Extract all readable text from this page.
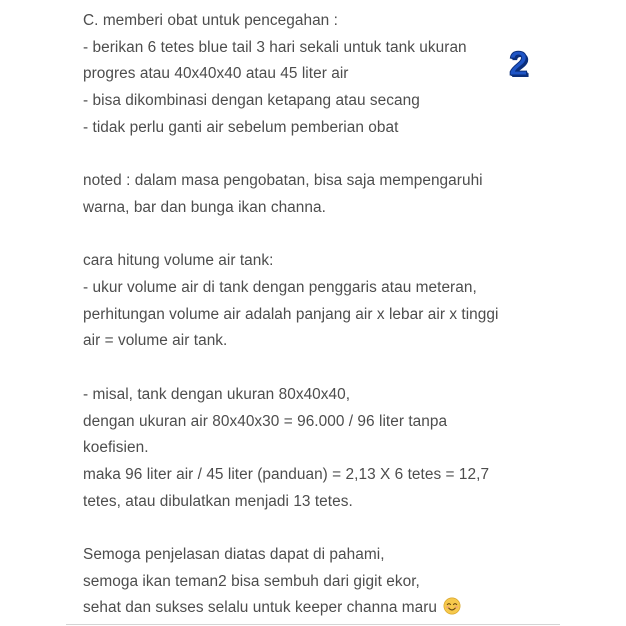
C. memberi obat untuk pencegahan :
- berikan 6 tetes blue tail 3 hari sekali untuk tank ukuran
progres atau 40x40x40 atau 45 liter air
- bisa dikombinasi dengan ketapang atau secang
- tidak perlu ganti air sebelum pemberian obat
noted : dalam masa pengobatan, bisa saja mempengaruhi
warna, bar dan bunga ikan channa.
cara hitung volume air tank:
- ukur volume air di tank dengan penggaris atau meteran,
perhitungan volume air adalah panjang air x lebar air x tinggi
air = volume air tank.
- misal, tank dengan ukuran 80x40x40,
dengan ukuran air 80x40x30 = 96.000 / 96 liter tanpa
koefisien.
maka 96 liter air / 45 liter (panduan) = 2,13 X 6 tetes = 12,7
tetes, atau dibulatkan menjadi 13 tetes.
Semoga penjelasan diatas dapat di pahami,
semoga ikan teman2 bisa sembuh dari gigit ekor,
sehat dan sukses selalu untuk keeper channa maru
2
